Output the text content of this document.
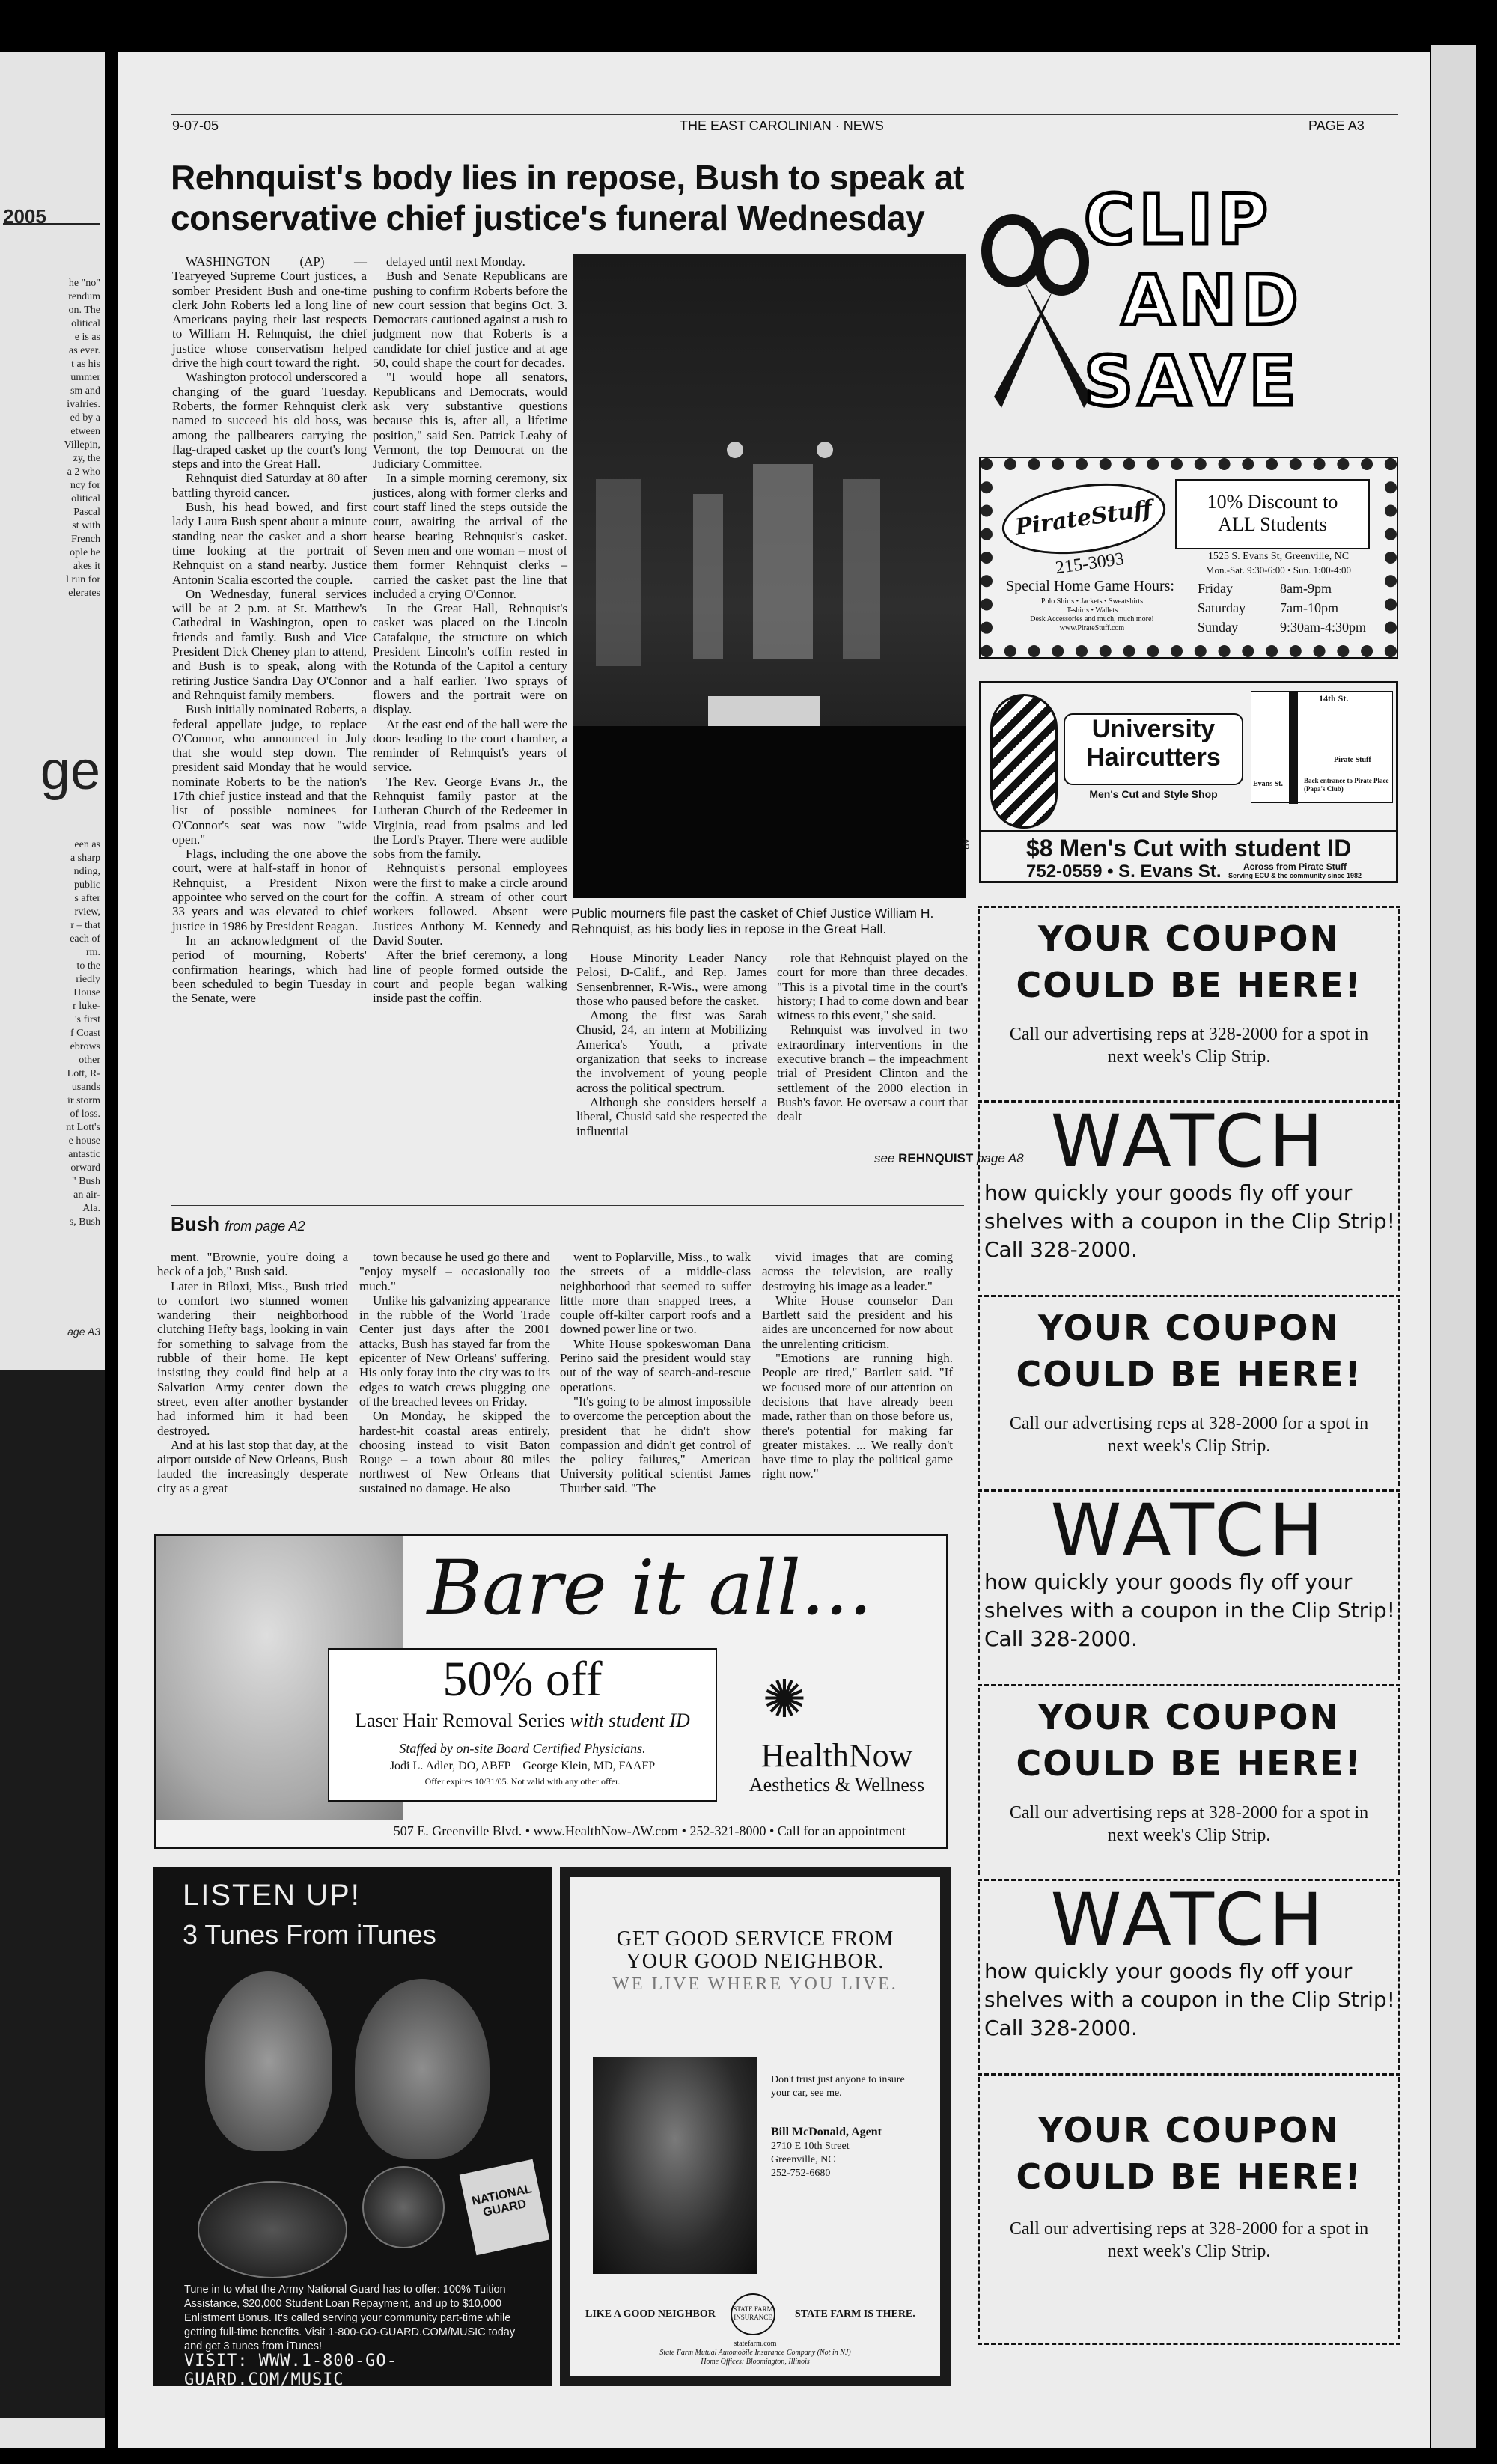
2005
he "no"
rendum
on. The
olitical
e is as
as ever.
t as his
ummer
sm and
ivalries.
ed by a
etween
Villepin,
zy, the
a 2 who
ncy for
olitical
Pascal
st with
French
ople he
akes it
l run for
elerates
ge
een as
a sharp
nding,
public
s after
rview,
r – that
each of
rm.
to the
riedly
House
r luke-
's first
f Coast
ebrows
other
Lott, R-
usands
ir storm
of loss.
nt Lott's
e house
antastic
orward
" Bush
an air-
Ala.
s, Bush
age A3
9-07-05	THE EAST CAROLINIAN · NEWS	PAGE A3
Rehnquist's body lies in repose, Bush to speak at conservative chief justice's funeral Wednesday

WASHINGTON (AP) — Tearyeyed Supreme Court justices, a somber President Bush and one-time clerk John Roberts led a long line of Americans paying their last respects to William H. Rehnquist, the chief justice whose conservatism helped drive the high court toward the right.

Washington protocol underscored a changing of the guard Tuesday. Roberts, the former Rehnquist clerk named to succeed his old boss, was among the pallbearers carrying the flag-draped casket up the court's long steps and into the Great Hall.

Rehnquist died Saturday at 80 after battling thyroid cancer.

Bush, his head bowed, and first lady Laura Bush spent about a minute standing near the casket and a short time looking at the portrait of Rehnquist on a stand nearby. Justice Antonin Scalia escorted the couple.

On Wednesday, funeral services will be at 2 p.m. at St. Matthew's Cathedral in Washington, open to friends and family. Bush and Vice President Dick Cheney plan to attend, and Bush is to speak, along with retiring Justice Sandra Day O'Connor and Rehnquist family members.

Bush initially nominated Roberts, a federal appellate judge, to replace O'Connor, who announced in July that she would step down. The president said Monday that he would nominate Roberts to be the nation's 17th chief justice instead and that the list of possible nominees for O'Connor's seat was now "wide open."

Flags, including the one above the court, were at half-staff in honor of Rehnquist, a President Nixon appointee who served on the court for 33 years and was elevated to chief justice in 1986 by President Reagan.

In an acknowledgment of the period of mourning, Roberts' confirmation hearings, which had been scheduled to begin Tuesday in the Senate, were

delayed until next Monday.

Bush and Senate Republicans are pushing to confirm Roberts before the new court session that begins Oct. 3. Democrats cautioned against a rush to judgment now that Roberts is a candidate for chief justice and at age 50, could shape the court for decades.

"I would hope all senators, Republicans and Democrats, would ask very substantive questions because this is, after all, a lifetime position," said Sen. Patrick Leahy of Vermont, the top Democrat on the Judiciary Committee.

In a simple morning ceremony, six justices, along with former clerks and court staff lined the steps outside the court, awaiting the arrival of the hearse bearing Rehnquist's casket. Seven men and one woman – most of them former Rehnquist clerks – carried the casket past the line that included a crying O'Connor.

In the Great Hall, Rehnquist's casket was placed on the Lincoln Catafalque, the structure on which President Lincoln's coffin rested in the Rotunda of the Capitol a century and a half earlier. Two sprays of flowers and the portrait were on display.

At the east end of the hall were the doors leading to the court chamber, a reminder of Rehnquist's years of service.

The Rev. George Evans Jr., the Rehnquist family pastor at the Lutheran Church of the Redeemer in Virginia, read from psalms and led the Lord's Prayer. There were audible sobs from the family.

Rehnquist's personal employees were the first to make a circle around the coffin. A stream of other court workers followed. Absent were Justices Anthony M. Kennedy and David Souter.

After the brief ceremony, a long line of people formed outside the court and people began walking inside past the coffin.

AP
Public mourners file past the casket of Chief Justice William H. Rehnquist, as his body lies in repose in the Great Hall.

House Minority Leader Nancy Pelosi, D-Calif., and Rep. James Sensenbrenner, R-Wis., were among those who paused before the casket.

Among the first was Sarah Chusid, 24, an intern at Mobilizing America's Youth, a private organization that seeks to increase the involvement of young people across the political spectrum.

Although she considers herself a liberal, Chusid said she respected the influential

role that Rehnquist played on the court for more than three decades. "This is a pivotal time in the court's history; I had to come down and bear witness to this event," she said.

Rehnquist was involved in two extraordinary interventions in the executive branch – the impeachment trial of President Clinton and the settlement of the 2000 election in Bush's favor. He oversaw a court that dealt

see REHNQUIST page A8
Bush from page A2

ment. "Brownie, you're doing a heck of a job," Bush said.

Later in Biloxi, Miss., Bush tried to comfort two stunned women wandering their neighborhood clutching Hefty bags, looking in vain for something to salvage from the rubble of their home. He kept insisting they could find help at a Salvation Army center down the street, even after another bystander had informed him it had been destroyed.

And at his last stop that day, at the airport outside of New Orleans, Bush lauded the increasingly desperate city as a great

town because he used go there and "enjoy myself – occasionally too much."

Unlike his galvanizing appearance in the rubble of the World Trade Center just days after the 2001 attacks, Bush has stayed far from the epicenter of New Orleans' suffering. His only foray into the city was to its edges to watch crews plugging one of the breached levees on Friday.

On Monday, he skipped the hardest-hit coastal areas entirely, choosing instead to visit Baton Rouge – a town about 80 miles northwest of New Orleans that sustained no damage. He also

went to Poplarville, Miss., to walk the streets of a middle-class neighborhood that seemed to suffer little more than snapped trees, a couple off-kilter carport roofs and a downed power line or two.

White House spokeswoman Dana Perino said the president would stay out of the way of search-and-rescue operations.

"It's going to be almost impossible to overcome the perception about the president that he didn't show compassion and didn't get control of the policy failures," American University political scientist James Thurber said. "The

vivid images that are coming across the television, are really destroying his image as a leader."

White House counselor Dan Bartlett said the president and his aides are unconcerned for now about the unrelenting criticism.

"Emotions are running high. People are tired," Bartlett said. "If we focused more of our attention on decisions that have already been made, rather than on those before us, there's potential for making far greater mistakes. ... We really don't have time to play the political game right now."

Bare it all...
50% off
Laser Hair Removal Series with student ID
Staffed by on-site Board Certified Physicians.
Jodi L. Adler, DO, ABFP George Klein, MD, FAAFP
Offer expires 10/31/05. Not valid with any other offer.
✺
HealthNow
Aesthetics & Wellness
507 E. Greenville Blvd. • www.HealthNow-AW.com • 252-321-8000 • Call for an appointment
LISTEN UP!
3 Tunes From iTunes
NATIONAL GUARD
Tune in to what the Army National Guard has to offer: 100% Tuition Assistance, $20,000 Student Loan Repayment, and up to $10,000 Enlistment Bonus. It's called serving your community part-time while getting full-time benefits. Visit 1-800-GO-GUARD.COM/MUSIC today and get 3 tunes from iTunes!
VISIT: WWW.1-800-GO-GUARD.COM/MUSIC
GET GOOD SERVICE FROM
YOUR GOOD NEIGHBOR.
WE LIVE WHERE YOU LIVE.
Don't trust just anyone to insure your car, see me.
Bill McDonald, Agent
2710 E 10th Street
Greenville, NC
252-752-6680
LIKE A GOOD NEIGHBOR	STATE FARM INSURANCE	STATE FARM IS THERE.
statefarm.com
State Farm Mutual Automobile Insurance Company (Not in NJ)
Home Offices: Bloomington, Illinois
CLIP
AND
SAVE
PirateStuff
215-3093
10% Discount to ALL Students
1525 S. Evans St, Greenville, NC
Mon.-Sat. 9:30-6:00 • Sun. 1:00-4:00
Special Home Game Hours:
Polo Shirts • Jackets • Sweatshirts
T-shirts • Wallets
Desk Accessories and much, much more!
www.PirateStuff.com
Friday	8am-9pm
Saturday	7am-10pm
Sunday	9:30am-4:30pm
University
Haircutters
Men's Cut and Style Shop
14th St.
Pirate Stuff
Evans St.	Back entrance to Pirate Place (Papa's Club)
$8 Men's Cut with student ID
752-0559 • S. Evans St. Across from Pirate Stuff
Serving ECU & the community since 1982
YOUR COUPON
COULD BE HERE!
Call our advertising reps at 328-2000 for a spot in next week's Clip Strip.
WATCH
how quickly your goods fly off your shelves with a coupon in the Clip Strip! Call 328-2000.
YOUR COUPON
COULD BE HERE!
Call our advertising reps at 328-2000 for a spot in next week's Clip Strip.
WATCH
how quickly your goods fly off your shelves with a coupon in the Clip Strip! Call 328-2000.
YOUR COUPON
COULD BE HERE!
Call our advertising reps at 328-2000 for a spot in next week's Clip Strip.
WATCH
how quickly your goods fly off your shelves with a coupon in the Clip Strip! Call 328-2000.
YOUR COUPON
COULD BE HERE!
Call our advertising reps at 328-2000 for a spot in next week's Clip Strip.
